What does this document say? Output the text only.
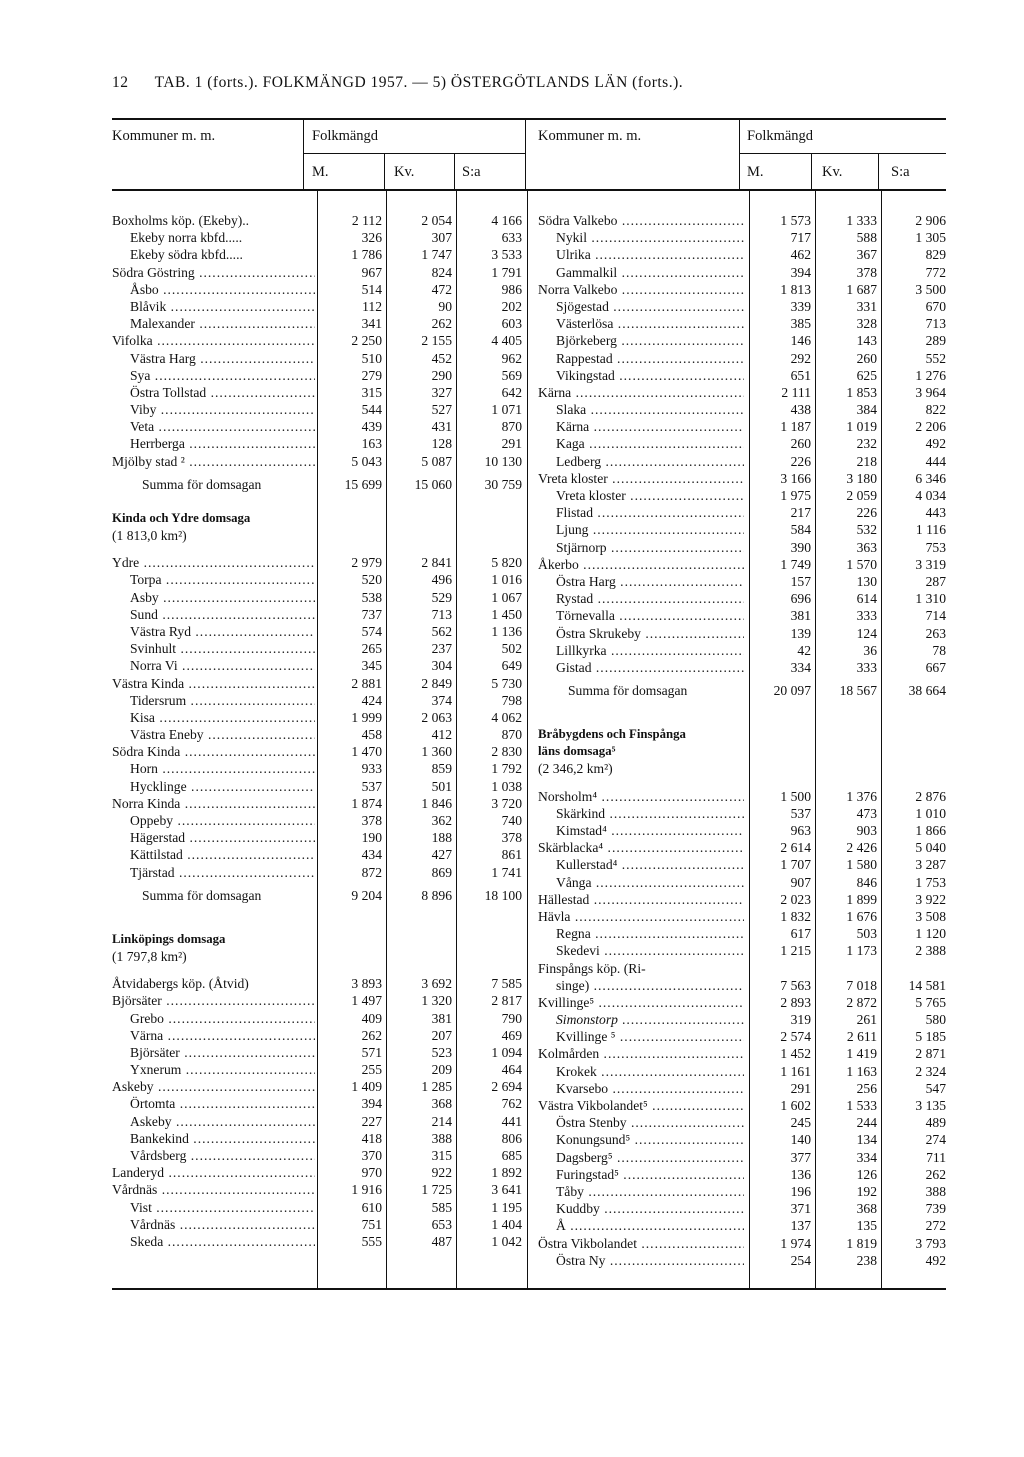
12 TAB. 1 (forts.). FOLKMÄNGD 1957. — 5) ÖSTERGÖTLANDS LÄN (forts.).
Kommuner m. m.	Folkmängd
M.	Kv.	S:a
Kommuner m. m.	Folkmängd
M.	Kv.	S:a
Boxholms köp. (Ekeby)..	2 112	2 054	4 166
Ekeby norra kbfd.....	326	307	633
Ekeby södra kbfd.....	1 786	1 747	3 533
Södra Göstring .....	967	824	1 791
Åsbo .....	514	472	986
Blåvik .....	112	90	202
Malexander .....	341	262	603
Vifolka .....	2 250	2 155	4 405
Västra Harg .....	510	452	962
Sya .....	279	290	569
Östra Tollstad .....	315	327	642
Viby .....	544	527	1 071
Veta .....	439	431	870
Herrberga .....	163	128	291
Mjölby stad ² .....	5 043	5 087	10 130
Summa för domsagan	15 699	15 060	30 759
Kinda och Ydre domsaga
(1 813,0 km²)
Ydre .....	2 979	2 841	5 820
Torpa .....	520	496	1 016
Asby .....	538	529	1 067
Sund .....	737	713	1 450
Västra Ryd .....	574	562	1 136
Svinhult .....	265	237	502
Norra Vi .....	345	304	649
Västra Kinda .....	2 881	2 849	5 730
Tidersrum .....	424	374	798
Kisa .....	1 999	2 063	4 062
Västra Eneby .....	458	412	870
Södra Kinda .....	1 470	1 360	2 830
Horn .....	933	859	1 792
Hycklinge .....	537	501	1 038
Norra Kinda .....	1 874	1 846	3 720
Oppeby .....	378	362	740
Hägerstad .....	190	188	378
Kättilstad .....	434	427	861
Tjärstad .....	872	869	1 741
Summa för domsagan	9 204	8 896	18 100
Linköpings domsaga
(1 797,8 km²)
Åtvidabergs köp. (Åtvid)	3 893	3 692	7 585
Björsäter .....	1 497	1 320	2 817
Grebo .....	409	381	790
Värna .....	262	207	469
Björsäter .....	571	523	1 094
Yxnerum .....	255	209	464
Askeby .....	1 409	1 285	2 694
Örtomta .....	394	368	762
Askeby .....	227	214	441
Bankekind .....	418	388	806
Vårdsberg .....	370	315	685
Landeryd .....	970	922	1 892
Vårdnäs .....	1 916	1 725	3 641
Vist .....	610	585	1 195
Vårdnäs .....	751	653	1 404
Skeda .....	555	487	1 042
Södra Valkebo .....	1 573	1 333	2 906
Nykil .....	717	588	1 305
Ulrika .....	462	367	829
Gammalkil .....	394	378	772
Norra Valkebo .....	1 813	1 687	3 500
Sjögestad .....	339	331	670
Västerlösa .....	385	328	713
Björkeberg .....	146	143	289
Rappestad .....	292	260	552
Vikingstad .....	651	625	1 276
Kärna .....	2 111	1 853	3 964
Slaka .....	438	384	822
Kärna .....	1 187	1 019	2 206
Kaga .....	260	232	492
Ledberg .....	226	218	444
Vreta kloster .....	3 166	3 180	6 346
Vreta kloster .....	1 975	2 059	4 034
Flistad .....	217	226	443
Ljung .....	584	532	1 116
Stjärnorp .....	390	363	753
Åkerbo .....	1 749	1 570	3 319
Östra Harg .....	157	130	287
Rystad .....	696	614	1 310
Törnevalla .....	381	333	714
Östra Skrukeby .....	139	124	263
Lillkyrka .....	42	36	78
Gistad .....	334	333	667
Summa för domsagan	20 097	18 567	38 664
Bråbygdens och Finspånga
läns domsaga⁵
(2 346,2 km²)
Norsholm⁴ .....	1 500	1 376	2 876
Skärkind .....	537	473	1 010
Kimstad⁴ .....	963	903	1 866
Skärblacka⁴ .....	2 614	2 426	5 040
Kullerstad⁴ .....	1 707	1 580	3 287
Vånga .....	907	846	1 753
Hällestad .....	2 023	1 899	3 922
Hävla .....	1 832	1 676	3 508
Regna .....	617	503	1 120
Skedevi .....	1 215	1 173	2 388
Finspångs köp. (Ri-
singe) .....	7 563	7 018	14 581
Kvillinge⁵ .....	2 893	2 872	5 765
Simonstorp .....	319	261	580
Kvillinge ⁵ .....	2 574	2 611	5 185
Kolmården .....	1 452	1 419	2 871
Krokek .....	1 161	1 163	2 324
Kvarsebo .....	291	256	547
Västra Vikbolandet⁵ .....	1 602	1 533	3 135
Östra Stenby .....	245	244	489
Konungsund⁵ .....	140	134	274
Dagsberg⁵ .....	377	334	711
Furingstad⁵ .....	136	126	262
Tåby .....	196	192	388
Kuddby .....	371	368	739
Å .....	137	135	272
Östra Vikbolandet .....	1 974	1 819	3 793
Östra Ny .....	254	238	492
